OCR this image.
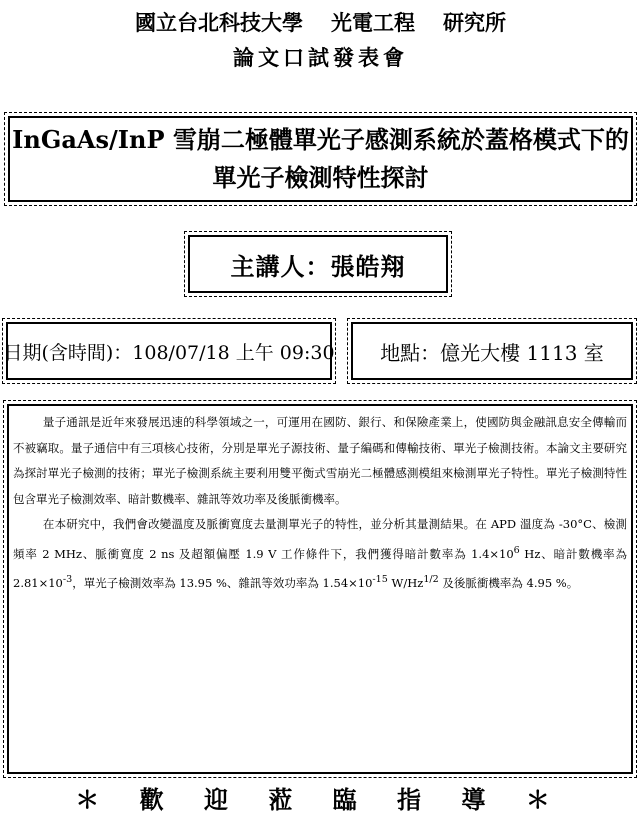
國立台北科技大學 光電工程 研究所
論文口試發表會
InGaAs/InP 雪崩二極體單光子感測系統於蓋格模式下的
單光子檢測特性探討
主講人：張皓翔
日期(含時間)：108/07/18 上午 09:30	地點：億光大樓 1113 室

量子通訊是近年來發展迅速的科學領域之一，可運用在國防、銀行、和保險產業上，使國防與金融訊息安全傳輸而不被竊取。量子通信中有三項核心技術，分別是單光子源技術、量子編碼和傳輸技術、單光子檢測技術。本論文主要研究為探討單光子檢測的技術；單光子檢測系統主要利用雙平衡式雪崩光二極體感測模組來檢測單光子特性。單光子檢測特性包含單光子檢測效率、暗計數機率、雜訊等效功率及後脈衝機率。

在本研究中，我們會改變溫度及脈衝寬度去量測單光子的特性，並分析其量測結果。在 APD 溫度為 -30°C、檢測頻率 2 MHz、脈衝寬度 2 ns 及超額偏壓 1.9 V 工作條件下，我們獲得暗計數率為 $1.4\times 10^6$ Hz、暗計數機率為 $2.81\times 10^{-3}$，單光子檢測效率為 13.95 %、雜訊等效功率為 $1.54\times 10^{-15}$ $W/Hz^{1/2}$ 及後脈衝機率為 4.95 %。

＊ 歡 迎 蒞 臨 指 導 ＊
